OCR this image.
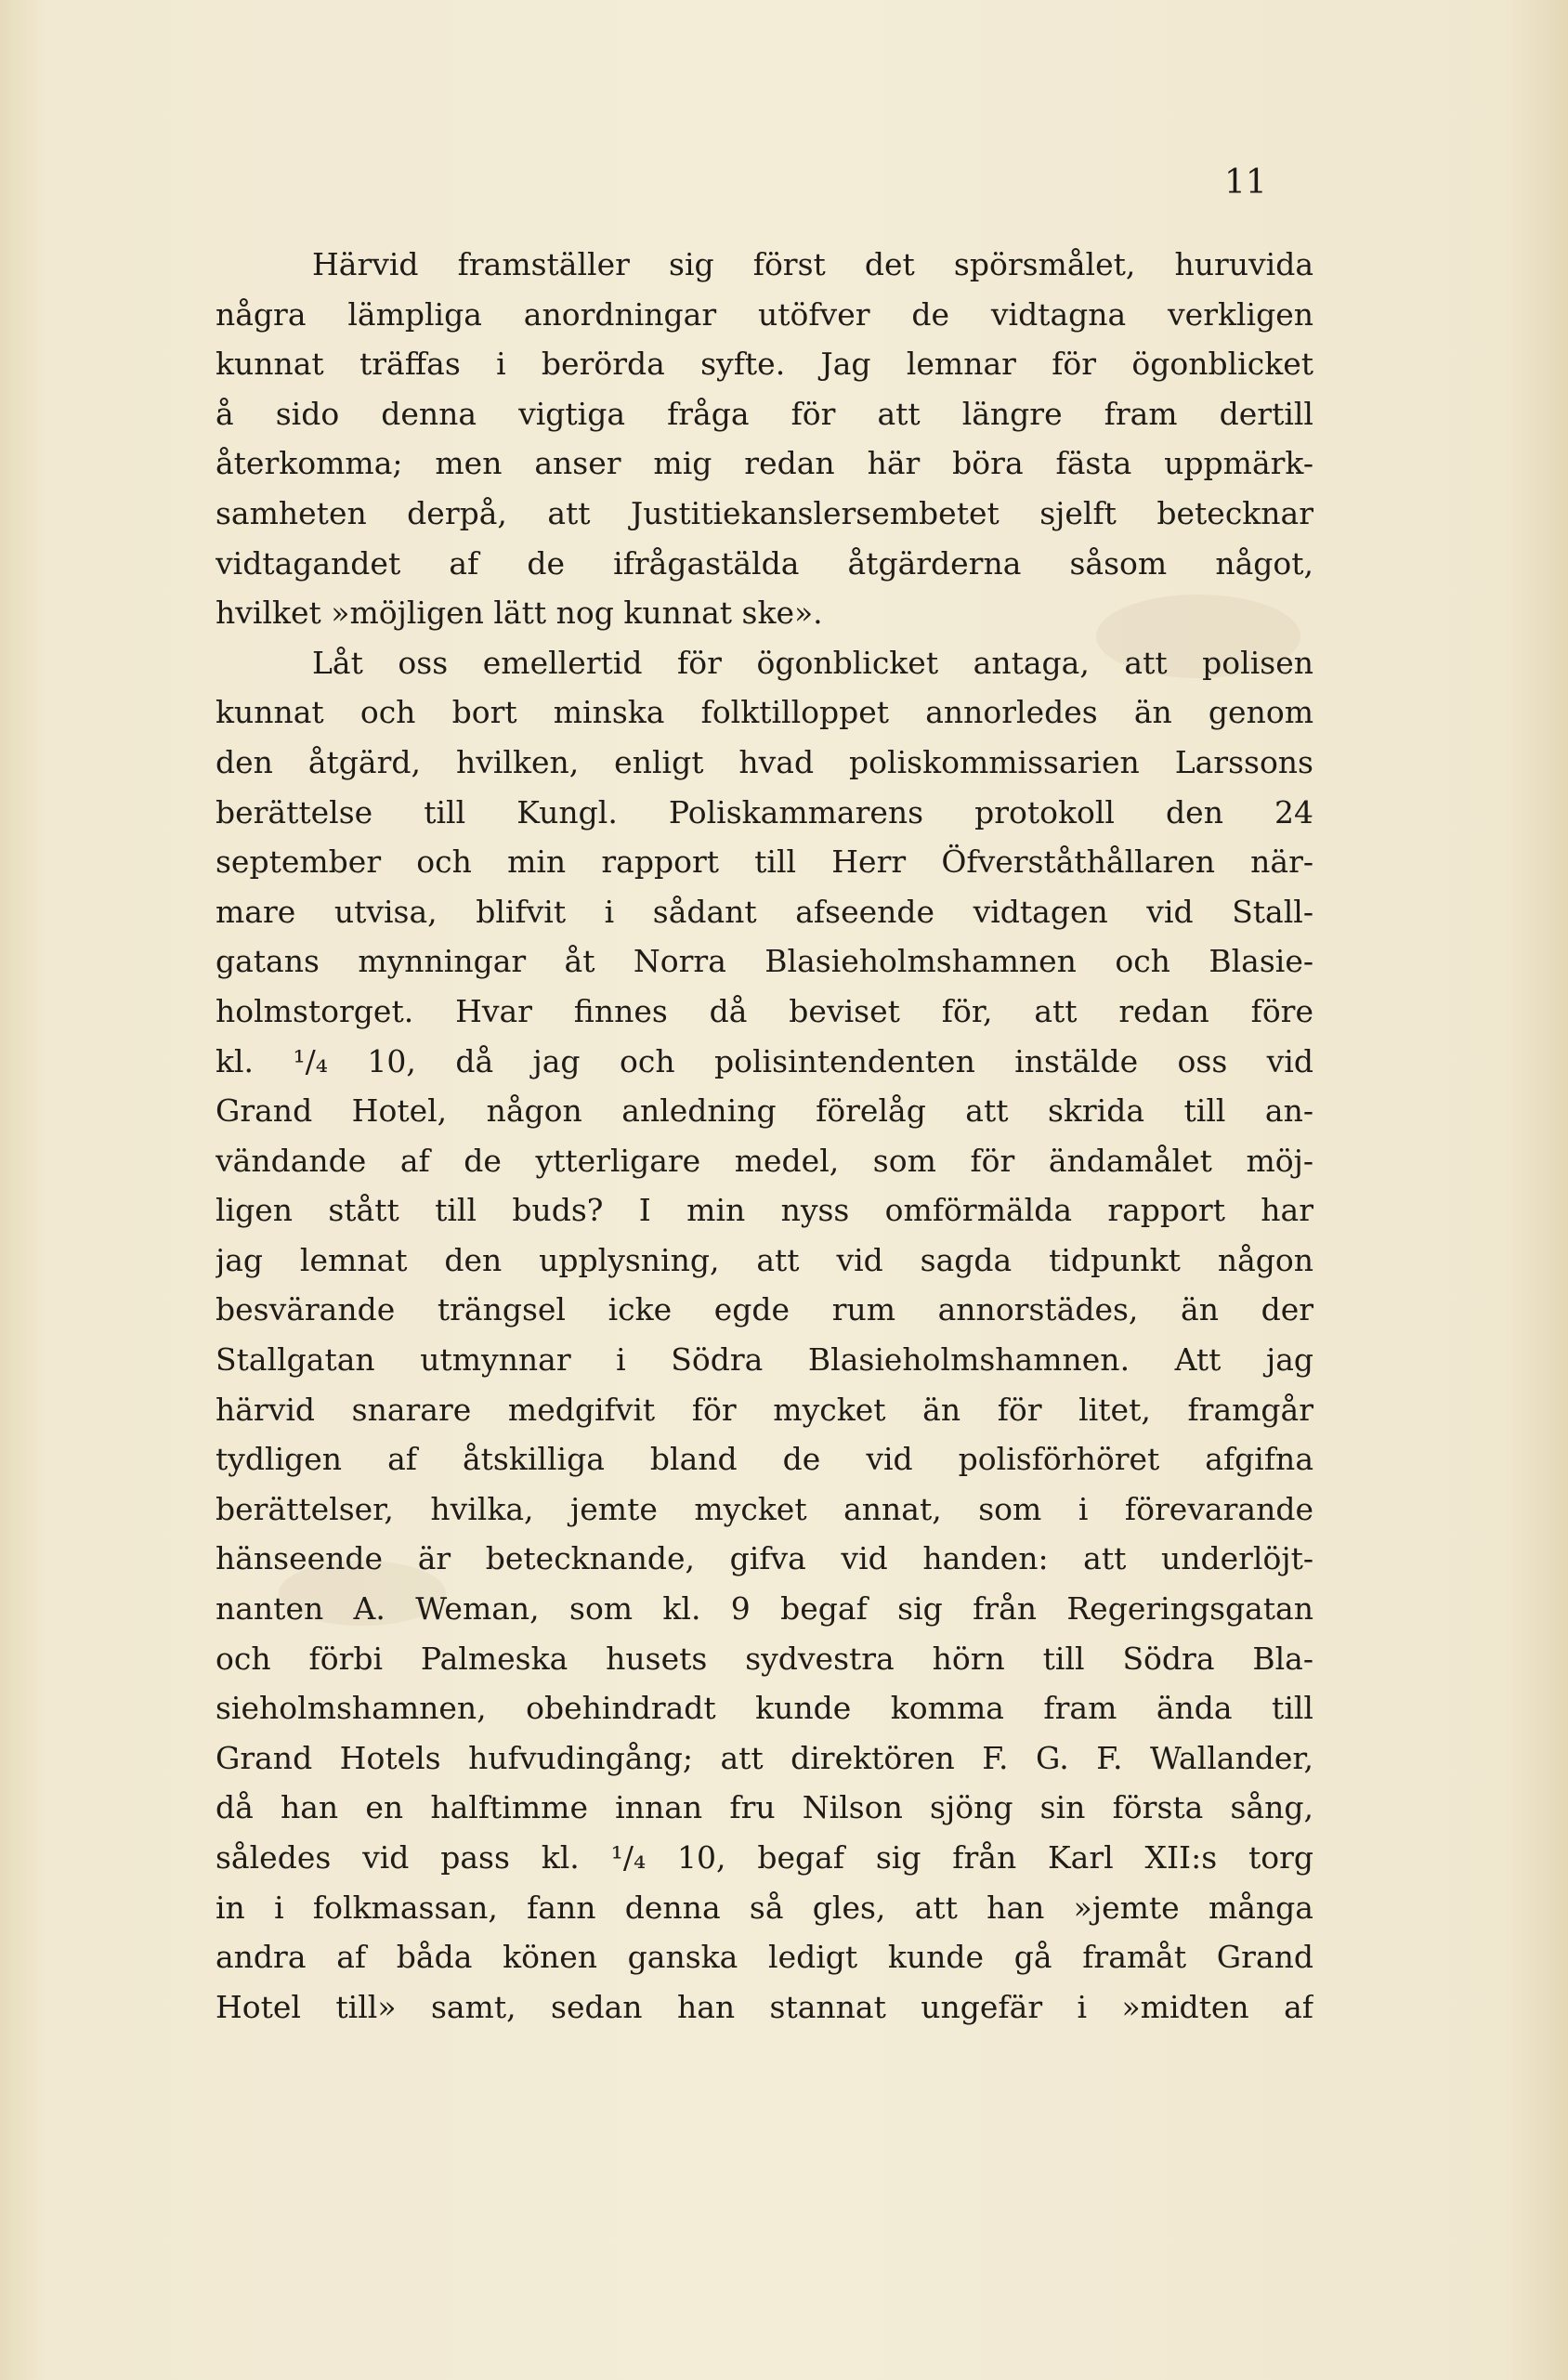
11
Härvid framställer sig först det spörsmålet, huruvida
några lämpliga anordningar utöfver de vidtagna verkligen
kunnat träffas i berörda syfte. Jag lemnar för ögonblicket
å sido denna vigtiga fråga för att längre fram dertill
återkomma; men anser mig redan här böra fästa uppmärk-
samheten derpå, att Justitiekanslersembetet sjelft betecknar
vidtagandet af de ifrågastälda åtgärderna såsom något,
hvilket »möjligen lätt nog kunnat ske».
Låt oss emellertid för ögonblicket antaga, att polisen
kunnat och bort minska folktilloppet annorledes än genom
den åtgärd, hvilken, enligt hvad poliskommissarien Larssons
berättelse till Kungl. Poliskammarens protokoll den 24
september och min rapport till Herr Öfverståthållaren när-
mare utvisa, blifvit i sådant afseende vidtagen vid Stall-
gatans mynningar åt Norra Blasieholmshamnen och Blasie-
holmstorget. Hvar finnes då beviset för, att redan före
kl. ¹/₄ 10, då jag och polisintendenten instälde oss vid
Grand Hotel, någon anledning förelåg att skrida till an-
vändande af de ytterligare medel, som för ändamålet möj-
ligen stått till buds? I min nyss omförmälda rapport har
jag lemnat den upplysning, att vid sagda tidpunkt någon
besvärande trängsel icke egde rum annorstädes, än der
Stallgatan utmynnar i Södra Blasieholmshamnen. Att jag
härvid snarare medgifvit för mycket än för litet, framgår
tydligen af åtskilliga bland de vid polisförhöret afgifna
berättelser, hvilka, jemte mycket annat, som i förevarande
hänseende är betecknande, gifva vid handen: att underlöjt-
nanten A. Weman, som kl. 9 begaf sig från Regeringsgatan
och förbi Palmeska husets sydvestra hörn till Södra Bla-
sieholmshamnen, obehindradt kunde komma fram ända till
Grand Hotels hufvudingång; att direktören F. G. F. Wallander,
då han en halftimme innan fru Nilson sjöng sin första sång,
således vid pass kl. ¹/₄ 10, begaf sig från Karl XII:s torg
in i folkmassan, fann denna så gles, att han »jemte många
andra af båda könen ganska ledigt kunde gå framåt Grand
Hotel till» samt, sedan han stannat ungefär i »midten af
